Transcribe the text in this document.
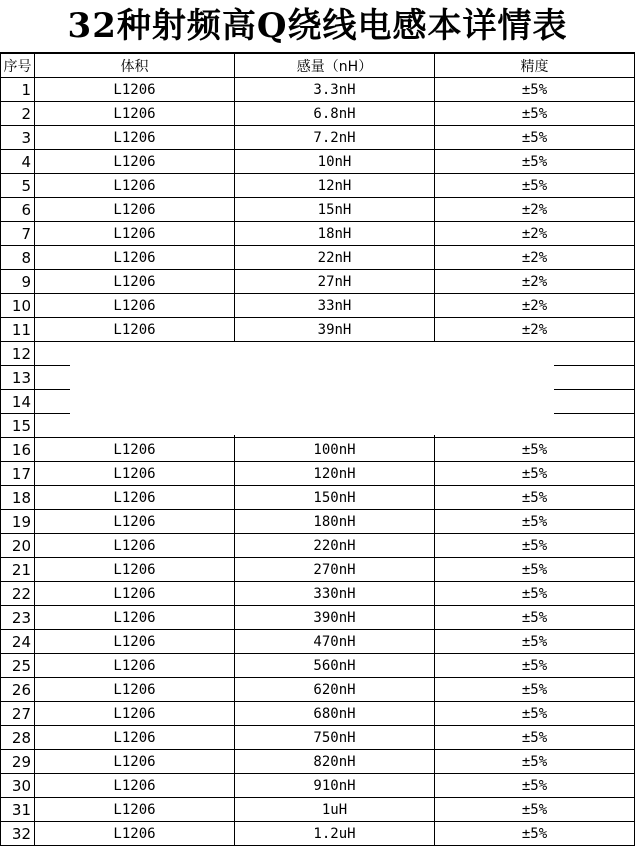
32种射频高Q绕线电感本详情表
序号	体积	感量（nH）	精度
1	L1206	3.3nH	±5%
2	L1206	6.8nH	±5%
3	L1206	7.2nH	±5%
4	L1206	10nH	±5%
5	L1206	12nH	±5%
6	L1206	15nH	±2%
7	L1206	18nH	±2%
8	L1206	22nH	±2%
9	L1206	27nH	±2%
10	L1206	33nH	±2%
11	L1206	39nH	±2%
12			
13			
14			
15			
16	L1206	100nH	±5%
17	L1206	120nH	±5%
18	L1206	150nH	±5%
19	L1206	180nH	±5%
20	L1206	220nH	±5%
21	L1206	270nH	±5%
22	L1206	330nH	±5%
23	L1206	390nH	±5%
24	L1206	470nH	±5%
25	L1206	560nH	±5%
26	L1206	620nH	±5%
27	L1206	680nH	±5%
28	L1206	750nH	±5%
29	L1206	820nH	±5%
30	L1206	910nH	±5%
31	L1206	1uH	±5%
32	L1206	1.2uH	±5%
